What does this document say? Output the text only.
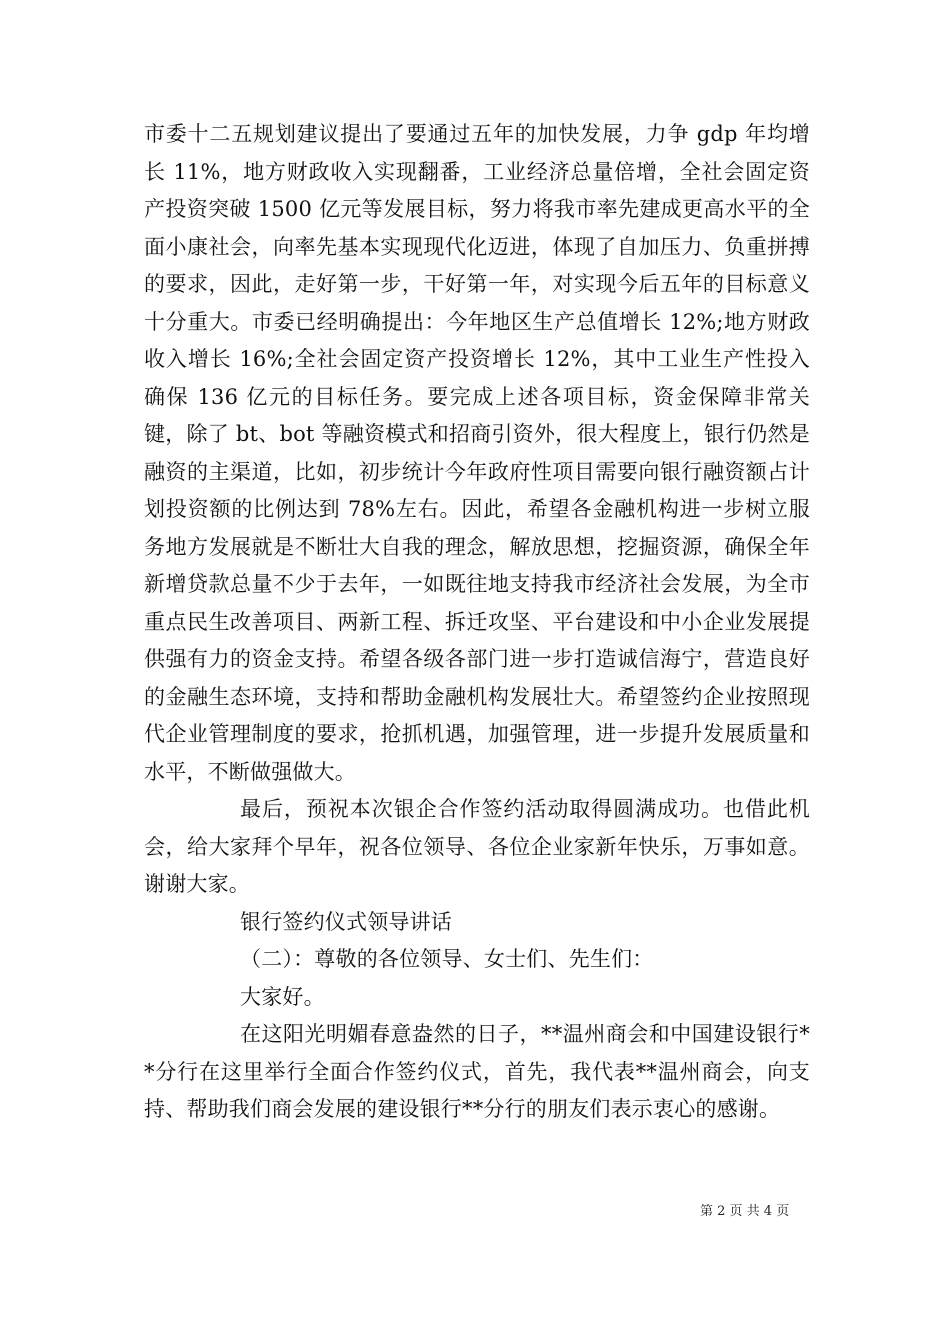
市委十二五规划建议提出了要通过五年的加快发展，力争 gdp 年均增长 11%，地方财政收入实现翻番，工业经济总量倍增，全社会固定资产投资突破 1500 亿元等发展目标，努力将我市率先建成更高水平的全面小康社会，向率先基本实现现代化迈进，体现了自加压力、负重拼搏的要求，因此，走好第一步，干好第一年，对实现今后五年的目标意义十分重大。市委已经明确提出：今年地区生产总值增长 12%;地方财政收入增长 16%;全社会固定资产投资增长 12%，其中工业生产性投入确保 136 亿元的目标任务。要完成上述各项目标，资金保障非常关键，除了 bt、bot 等融资模式和招商引资外，很大程度上，银行仍然是融资的主渠道，比如，初步统计今年政府性项目需要向银行融资额占计划投资额的比例达到 78%左右。因此，希望各金融机构进一步树立服务地方发展就是不断壮大自我的理念，解放思想，挖掘资源，确保全年新增贷款总量不少于去年，一如既往地支持我市经济社会发展，为全市重点民生改善项目、两新工程、拆迁攻坚、平台建设和中小企业发展提供强有力的资金支持。希望各级各部门进一步打造诚信海宁，营造良好的金融生态环境，支持和帮助金融机构发展壮大。希望签约企业按照现代企业管理制度的要求，抢抓机遇，加强管理，进一步提升发展质量和水平，不断做强做大。

最后，预祝本次银企合作签约活动取得圆满成功。也借此机会，给大家拜个早年，祝各位领导、各位企业家新年快乐，万事如意。谢谢大家。

银行签约仪式领导讲话

（二）：尊敬的各位领导、女士们、先生们：

大家好。

在这阳光明媚春意盎然的日子，**温州商会和中国建设银行**分行在这里举行全面合作签约仪式，首先，我代表**温州商会，向支持、帮助我们商会发展的建设银行**分行的朋友们表示衷心的感谢。

第 2 页 共 4 页
